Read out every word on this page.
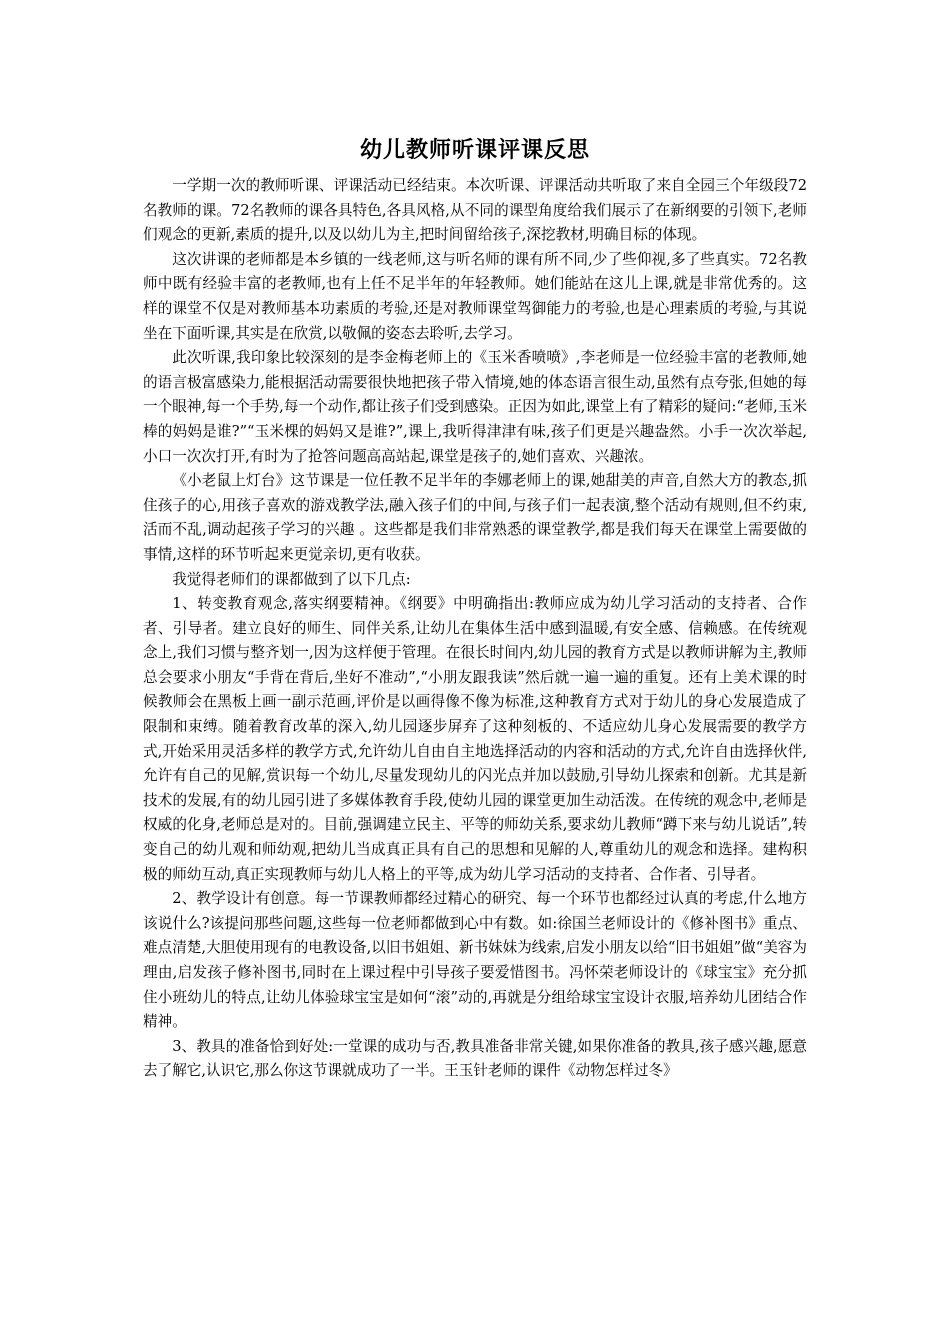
幼儿教师听课评课反思

一学期一次的教师听课、评课活动已经结束。本次听课、评课活动共听取了来自全园三个年级段72名教师的课。72名教师的课各具特色,各具风格,从不同的课型角度给我们展示了在新纲要的引领下,老师们观念的更新,素质的提升,以及以幼儿为主,把时间留给孩子,深挖教材,明确目标的体现。

这次讲课的老师都是本乡镇的一线老师,这与听名师的课有所不同,少了些仰视,多了些真实。72名教师中既有经验丰富的老教师,也有上任不足半年的年轻教师。她们能站在这儿上课,就是非常优秀的。这样的课堂不仅是对教师基本功素质的考验,还是对教师课堂驾御能力的考验,也是心理素质的考验,与其说坐在下面听课,其实是在欣赏,以敬佩的姿态去聆听,去学习。

此次听课,我印象比较深刻的是李金梅老师上的《玉米香喷喷》,李老师是一位经验丰富的老教师,她的语言极富感染力,能根据活动需要很快地把孩子带入情境,她的体态语言很生动,虽然有点夸张,但她的每一个眼神,每一个手势,每一个动作,都让孩子们受到感染。正因为如此,课堂上有了精彩的疑问:“老师,玉米棒的妈妈是谁?”“玉米棵的妈妈又是谁?”,课上,我听得津津有味,孩子们更是兴趣盎然。小手一次次举起,小口一次次打开,有时为了抢答问题高高站起,课堂是孩子的,她们喜欢、兴趣浓。

《小老鼠上灯台》这节课是一位任教不足半年的李娜老师上的课,她甜美的声音,自然大方的教态,抓住孩子的心,用孩子喜欢的游戏教学法,融入孩子们的中间,与孩子们一起表演,整个活动有规则,但不约束,活而不乱,调动起孩子学习的兴趣 。这些都是我们非常熟悉的课堂教学,都是我们每天在课堂上需要做的事情,这样的环节听起来更觉亲切,更有收获。

我觉得老师们的课都做到了以下几点:

1、转变教育观念,落实纲要精神。《纲要》中明确指出:教师应成为幼儿学习活动的支持者、合作者、引导者。建立良好的师生、同伴关系,让幼儿在集体生活中感到温暖,有安全感、信赖感。在传统观念上,我们习惯与整齐划一,因为这样便于管理。在很长时间内,幼儿园的教育方式是以教师讲解为主,教师总会要求小朋友“手背在背后,坐好不准动”,“小朋友跟我读”然后就一遍一遍的重复。还有上美术课的时候教师会在黑板上画一副示范画,评价是以画得像不像为标准,这种教育方式对于幼儿的身心发展造成了限制和束缚。随着教育改革的深入,幼儿园逐步屏弃了这种刻板的、不适应幼儿身心发展需要的教学方式,开始采用灵活多样的教学方式,允许幼儿自由自主地选择活动的内容和活动的方式,允许自由选择伙伴,允许有自己的见解,赏识每一个幼儿,尽量发现幼儿的闪光点并加以鼓励,引导幼儿探索和创新。尤其是新技术的发展,有的幼儿园引进了多媒体教育手段,使幼儿园的课堂更加生动活泼。在传统的观念中,老师是权威的化身,老师总是对的。目前,强调建立民主、平等的师幼关系,要求幼儿教师“蹲下来与幼儿说话”,转变自己的幼儿观和师幼观,把幼儿当成真正具有自己的思想和见解的人,尊重幼儿的观念和选择。建构积极的师幼互动,真正实现教师与幼儿人格上的平等,成为幼儿学习活动的支持者、合作者、引导者。

2、教学设计有创意。每一节课教师都经过精心的研究、每一个环节也都经过认真的考虑,什么地方该说什么?该提问那些问题,这些每一位老师都做到心中有数。如:徐国兰老师设计的《修补图书》重点、难点清楚,大胆使用现有的电教设备,以旧书姐姐、新书妹妹为线索,启发小朋友以给“旧书姐姐”做“美容为理由,启发孩子修补图书,同时在上课过程中引导孩子要爱惜图书。冯怀荣老师设计的《球宝宝》充分抓住小班幼儿的特点,让幼儿体验球宝宝是如何“滚”动的,再就是分组给球宝宝设计衣服,培养幼儿团结合作精神。

3、教具的准备恰到好处:一堂课的成功与否,教具准备非常关键,如果你准备的教具,孩子感兴趣,愿意去了解它,认识它,那么你这节课就成功了一半。王玉针老师的课件《动物怎样过冬》
